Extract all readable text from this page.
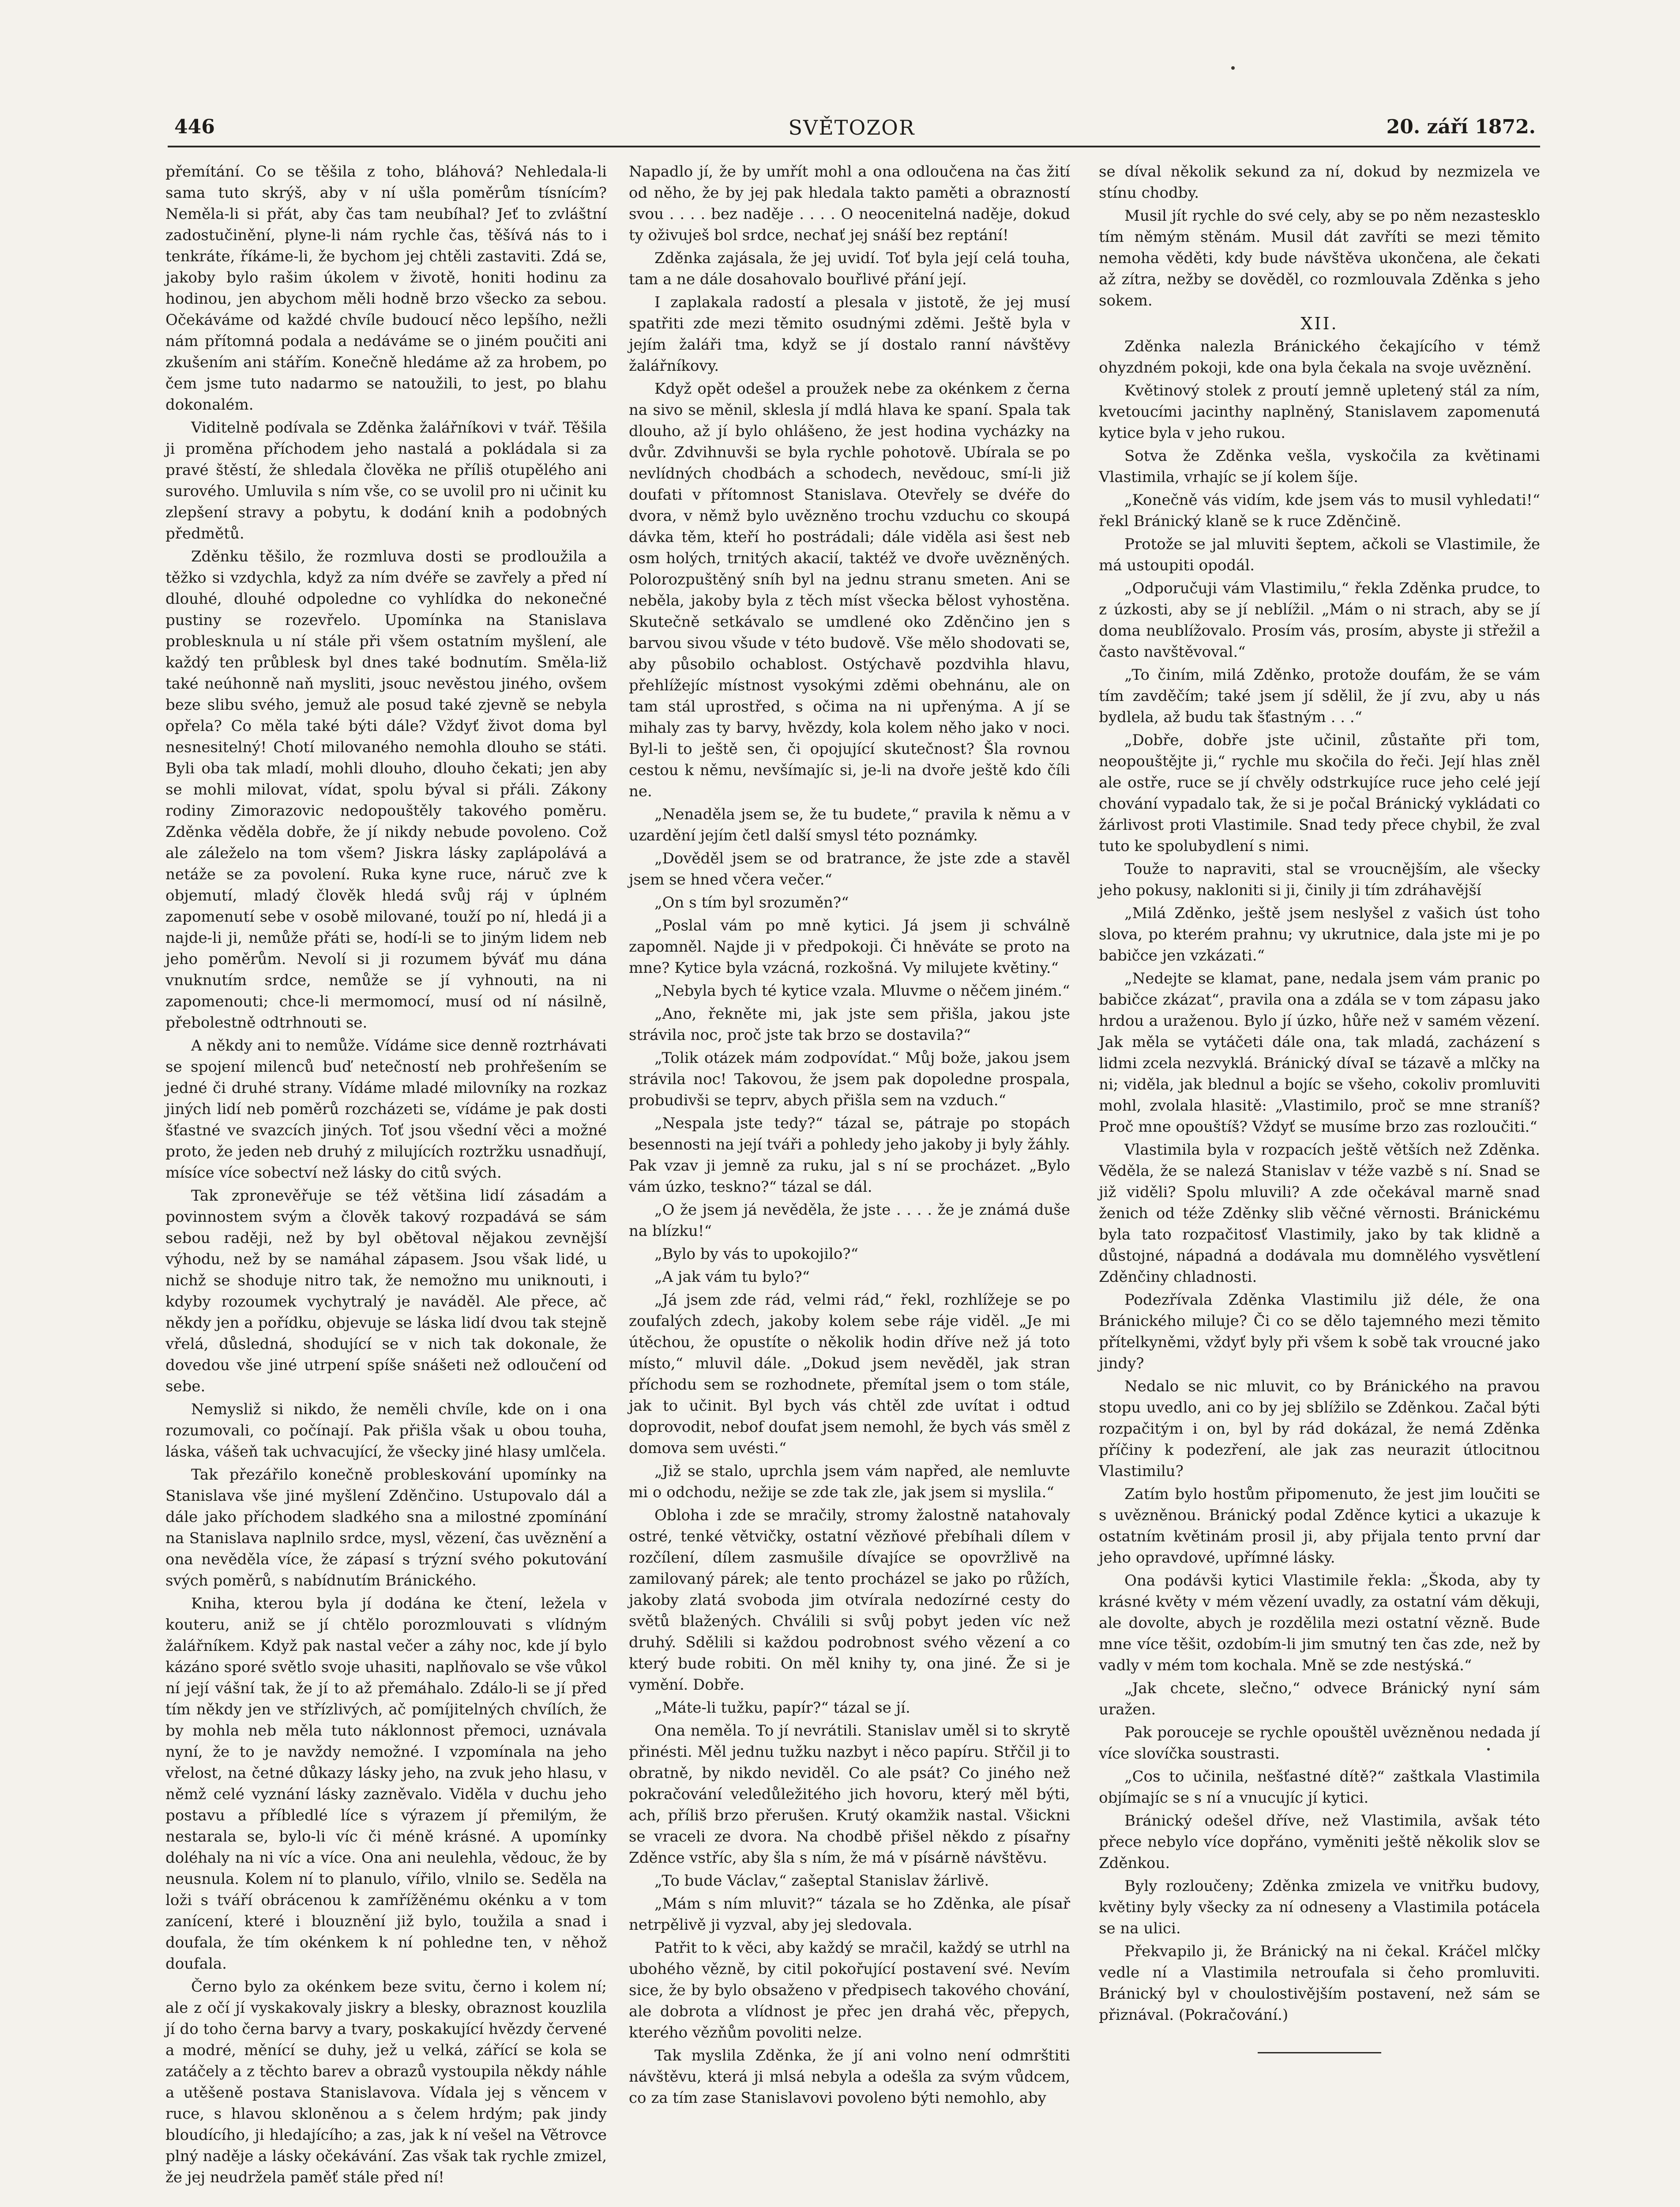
446	SVĚTOZOR	20. září 1872.

přemítání. Co se těšila z toho, bláhová? Nehledala-li sama tuto skrýš, aby v ní ušla poměrům tísnícím? Neměla-li si přát, aby čas tam neubíhal? Jeť to zvláštní zadostučinění, plyne-li nám rychle čas, těšívá nás to i tenkráte, říkáme-li, že bychom jej chtěli zastaviti. Zdá se, jakoby bylo rašim úkolem v životě, honiti hodinu za hodinou, jen abychom měli hodně brzo všecko za sebou. Očekáváme od každé chvíle budoucí něco lepšího, nežli nám přítomná podala a nedáváme se o jiném poučiti ani zkušením ani stářím. Konečně hledáme až za hrobem, po čem jsme tuto nadarmo se natoužili, to jest, po blahu dokonalém.

Viditelně podívala se Zděnka žalářníkovi v tvář. Těšila ji proměna příchodem jeho nastalá a pokládala si za pravé štěstí, že shledala člověka ne příliš otupělého ani surového. Umluvila s ním vše, co se uvolil pro ni učinit ku zlepšení stravy a pobytu, k dodání knih a podobných předmětů.

Zděnku těšilo, že rozmluva dosti se prodloužila a těžko si vzdychla, když za ním dvéře se zavřely a před ní dlouhé, dlouhé odpoledne co vyhlídka do nekonečné pustiny se rozevřelo. Upomínka na Stanislava problesknula u ní stále při všem ostatním myšlení, ale každý ten průblesk byl dnes také bodnutím. Směla-liž také neúhonně naň mysliti, jsouc nevěstou jiného, ovšem beze slibu svého, jemuž ale posud také zjevně se nebyla opřela? Co měla také býti dále? Vždyť život doma byl nesnesitelný! Chotí milovaného nemohla dlouho se státi. Byli oba tak mladí, mohli dlouho, dlouho čekati; jen aby se mohli milovat, vídat, spolu býval si přáli. Zákony rodiny Zimorazovic nedopouštěly takového poměru. Zděnka věděla dobře, že jí nikdy nebude povoleno. Což ale záleželo na tom všem? Jiskra lásky zaplápolává a netáže se za povolení. Ruka kyne ruce, náruč zve k objemutí, mladý člověk hledá svůj ráj v úplném zapomenutí sebe v osobě milované, touží po ní, hledá ji a najde-li ji, nemůže přáti se, hodí-li se to jiným lidem neb jeho poměrům. Nevolí si ji rozumem býváť mu dána vnuknutím srdce, nemůže se jí vyhnouti, na ni zapomenouti; chce-li mermomocí, musí od ní násilně, přebolestně odtrhnouti se.

A někdy ani to nemůže. Vídáme sice denně roztrhávati se spojení milenců buď netečností neb prohřešením se jedné či druhé strany. Vídáme mladé milovníky na rozkaz jiných lidí neb poměrů rozcházeti se, vídáme je pak dosti šťastné ve svazcích jiných. Toť jsou všední věci a možné proto, že jeden neb druhý z milujících roztržku usnadňují, mísíce více sobectví než lásky do citů svých.

Tak zpronevěřuje se též většina lidí zásadám a povinnostem svým a člověk takový rozpadává se sám sebou raději, než by byl obětoval nějakou zevnější výhodu, než by se namáhal zápasem. Jsou však lidé, u nichž se shoduje nitro tak, že nemožno mu uniknouti, i kdyby rozoumek vychytralý je naváděl. Ale přece, ač někdy jen a pořídku, objevuje se láska lidí dvou tak stejně vřelá, důsledná, shodující se v nich tak dokonale, že dovedou vše jiné utrpení spíše snášeti než odloučení od sebe.

Nemysliž si nikdo, že neměli chvíle, kde on i ona rozumovali, co počínají. Pak přišla však u obou touha, láska, vášeň tak uchvacující, že všecky jiné hlasy umlčela.

Tak přezářilo konečně probleskování upomínky na Stanislava vše jiné myšlení Zděnčino. Ustupovalo dál a dále jako příchodem sladkého sna a milostné zpomínání na Stanislava naplnilo srdce, mysl, vězení, čas uvěznění a ona nevěděla více, že zápasí s trýzní svého pokutování svých poměrů, s nabídnutím Bránického.

Kniha, kterou byla jí dodána ke čtení, ležela v kouteru, aniž se jí chtělo porozmlouvati s vlídným žalářníkem. Když pak nastal večer a záhy noc, kde jí bylo kázáno sporé světlo svoje uhasiti, naplňovalo se vše vůkol ní její vášní tak, že jí to až přemáhalo. Zdálo-li se jí před tím někdy jen ve střízlivých, ač pomíjitelných chvílích, že by mohla neb měla tuto náklonnost přemoci, uznávala nyní, že to je navždy nemožné. I vzpomínala na jeho vřelost, na četné důkazy lásky jeho, na zvuk jeho hlasu, v němž celé vyznání lásky zazněvalo. Viděla v duchu jeho postavu a příbledlé líce s výrazem jí přemilým, že nestarala se, bylo-li víc či méně krásné. A upomínky doléhaly na ni víc a více. Ona ani neulehla, vědouc, že by neusnula. Kolem ní to planulo, vířilo, vlnilo se. Seděla na loži s tváří obrácenou k zamřížěnému okénku a v tom zanícení, které i blouznění již bylo, toužila a snad i doufala, že tím okénkem k ní pohledne ten, v něhož doufala.

Černo bylo za okénkem beze svitu, černo i kolem ní; ale z očí jí vyskakovaly jiskry a blesky, obraznost kouzlila jí do toho černa barvy a tvary, poskakující hvězdy červené a modré, měnící se duhy, jež u velká, zářící se kola se zatáčely a z těchto barev a obrazů vystoupila někdy náhle a utěšeně postava Stanislavova. Vídala jej s věncem v ruce, s hlavou skloněnou a s čelem hrdým; pak jindy bloudícího, ji hledajícího; a zas, jak k ní vešel na Větrovce plný naděje a lásky očekávání. Zas však tak rychle zmizel, že jej neudržela paměť stále před ní!

Napadlo jí, že by umřít mohl a ona odloučena na čas žití od něho, že by jej pak hledala takto paměti a obrazností svou . . . . bez naděje . . . . O neocenitelná naděje, dokud ty oživuješ bol srdce, nechať jej snáší bez reptání!

Zděnka zajásala, že jej uvidí. Toť byla její celá touha, tam a ne dále dosahovalo bouřlivé přání její.

I zaplakala radostí a plesala v jistotě, že jej musí spatřiti zde mezi těmito osudnými zděmi. Ještě byla v jejím žaláři tma, když se jí dostalo ranní návštěvy žalářníkovy.

Když opět odešel a proužek nebe za okénkem z černa na sivo se měnil, sklesla jí mdlá hlava ke spaní. Spala tak dlouho, až jí bylo ohlášeno, že jest hodina vycházky na dvůr. Zdvihnuvši se byla rychle pohotově. Ubírala se po nevlídných chodbách a schodech, nevědouc, smí-li již doufati v přítomnost Stanislava. Otevřely se dvéře do dvora, v němž bylo uvězněno trochu vzduchu co skoupá dávka těm, kteří ho postrádali; dále viděla asi šest neb osm holých, trnitých akacií, taktéž ve dvoře uvězněných. Polorozpuštěný sníh byl na jednu stranu smeten. Ani se neběla, jakoby byla z těch míst všecka bělost vyhostěna. Skutečně setkávalo se umdlené oko Zděnčino jen s barvou sivou všude v této budově. Vše mělo shodovati se, aby působilo ochablost. Ostýchavě pozdvihla hlavu, přehlížejíc místnost vysokými zděmi obehnánu, ale on tam stál uprostřed, s očima na ni upřenýma. A jí se mihaly zas ty barvy, hvězdy, kola kolem něho jako v noci. Byl-li to ještě sen, či opojující skutečnost? Šla rovnou cestou k němu, nevšímajíc si, je-li na dvoře ještě kdo číli ne.

„Nenaděla jsem se, že tu budete,“ pravila k němu a v uzardění jejím četl další smysl této poznámky.

„Dověděl jsem se od bratrance, že jste zde a stavěl jsem se hned včera večer.“

„On s tím byl srozuměn?“

„Poslal vám po mně kytici. Já jsem ji schválně zapomněl. Najde ji v předpokoji. Či hněváte se proto na mne? Kytice byla vzácná, rozkošná. Vy milujete květiny.“

„Nebyla bych té kytice vzala. Mluvme o něčem jiném.“

„Ano, řekněte mi, jak jste sem přišla, jakou jste strávila noc, proč jste tak brzo se dostavila?“

„Tolik otázek mám zodpovídat.“ Můj bože, jakou jsem strávila noc! Takovou, že jsem pak dopoledne prospala, probudivši se teprv, abych přišla sem na vzduch.“

„Nespala jste tedy?“ tázal se, pátraje po stopách besennosti na její tváři a pohledy jeho jakoby ji byly žáhly. Pak vzav ji jemně za ruku, jal s ní se procházet. „Bylo vám úzko, teskno?“ tázal se dál.

„O že jsem já nevěděla, že jste . . . . že je známá duše na blízku!“

„Bylo by vás to upokojilo?“

„A jak vám tu bylo?“

„Já jsem zde rád, velmi rád,“ řekl, rozhlížeje se po zoufalých zdech, jakoby kolem sebe ráje viděl. „Je mi útěchou, že opustíte o několik hodin dříve než já toto místo,“ mluvil dále. „Dokud jsem nevěděl, jak stran příchodu sem se rozhodnete, přemítal jsem o tom stále, jak to učinit. Byl bych vás chtěl zde uvítat i odtud doprovodit, nebof doufat jsem nemohl, že bych vás směl z domova sem uvésti.“

„Již se stalo, uprchla jsem vám napřed, ale nemluvte mi o odchodu, nežije se zde tak zle, jak jsem si myslila.“

Obloha i zde se mračily, stromy žalostně natahovaly ostré, tenké větvičky, ostatní vězňové přebíhali dílem v rozčílení, dílem zasmušile dívajíce se opovržlivě na zamilovaný párek; ale tento procházel se jako po růžích, jakoby zlatá svoboda jim otvírala nedozírné cesty do světů blažených. Chválili si svůj pobyt jeden víc než druhý. Sdělili si každou podrobnost svého vězení a co který bude robiti. On měl knihy ty, ona jiné. Že si je vymění. Dobře.

„Máte-li tužku, papír?“ tázal se jí.

Ona neměla. To jí nevrátili. Stanislav uměl si to skrytě přinésti. Měl jednu tužku nazbyt i něco papíru. Střčil ji to obratně, by nikdo neviděl. Co ale psát? Co jiného než pokračování veledůležitého jich hovoru, který měl býti, ach, příliš brzo přerušen. Krutý okamžik nastal. Všickni se vraceli ze dvora. Na chodbě přišel někdo z písařny Zděnce vstříc, aby šla s ním, že má v písárně návštěvu.

„To bude Václav,“ zašeptal Stanislav žárlivě.

„Mám s ním mluvit?“ tázala se ho Zděnka, ale písař netrpělivě ji vyzval, aby jej sledovala.

Patřit to k věci, aby každý se mračil, každý se utrhl na ubohého vězně, by citil pokořující postavení své. Nevím sice, že by bylo obsaženo v předpisech takového chování, ale dobrota a vlídnost je přec jen drahá věc, přepych, kterého vězňům povoliti nelze.

Tak myslila Zděnka, že jí ani volno není odmrštiti návštěvu, která ji mlsá nebyla a odešla za svým vůdcem, co za tím zase Stanislavovi povoleno býti nemohlo, aby

se díval několik sekund za ní, dokud by nezmizela ve stínu chodby.

Musil jít rychle do své cely, aby se po něm nezastesklo tím němým stěnám. Musil dát zavříti se mezi těmito nemoha věděti, kdy bude návštěva ukončena, ale čekati až zítra, nežby se dověděl, co rozmlouvala Zděnka s jeho sokem.

XII.

Zděnka nalezla Bránického čekajícího v témž ohyzdném pokoji, kde ona byla čekala na svoje uvěznění.

Květinový stolek z proutí jemně upletený stál za ním, kvetoucími jacinthy naplněný, Stanislavem zapomenutá kytice byla v jeho rukou.

Sotva že Zděnka vešla, vyskočila za květinami Vlastimila, vrhajíc se jí kolem šíje.

„Konečně vás vidím, kde jsem vás to musil vyhledati!“ řekl Bránický klaně se k ruce Zděnčině.

Protože se jal mluviti šeptem, ačkoli se Vlastimile, že má ustoupiti opodál.

„Odporučuji vám Vlastimilu,“ řekla Zděnka prudce, to z úzkosti, aby se jí neblížil. „Mám o ni strach, aby se jí doma neublížovalo. Prosím vás, prosím, abyste ji střežil a často navštěvoval.“

„To činím, milá Zděnko, protože doufám, že se vám tím zavděčím; také jsem jí sdělil, že jí zvu, aby u nás bydlela, až budu tak šťastným . . .“

„Dobře, dobře jste učinil, zůstaňte při tom, neopouštějte ji,“ rychle mu skočila do řeči. Její hlas zněl ale ostře, ruce se jí chvěly odstrkujíce ruce jeho celé její chování vypadalo tak, že si je počal Bránický vykládati co žárlivost proti Vlastimile. Snad tedy přece chybil, že zval tuto ke spolubydlení s nimi.

Touže to napraviti, stal se vroucnějším, ale všecky jeho pokusy, nakloniti si ji, činily ji tím zdráhavější

„Milá Zděnko, ještě jsem neslyšel z vašich úst toho slova, po kterém prahnu; vy ukrutnice, dala jste mi je po babičce jen vzkázati.“

„Nedejte se klamat, pane, nedala jsem vám pranic po babičce zkázat“, pravila ona a zdála se v tom zápasu jako hrdou a uraženou. Bylo jí úzko, hůře než v samém vězení. Jak měla se vytáčeti dále ona, tak mladá, zacházení s lidmi zcela nezvyklá. Bránický dívaI se tázavě a mlčky na ni; viděla, jak blednul a bojíc se všeho, cokoliv promluviti mohl, zvolala hlasitě: „Vlastimilo, proč se mne straníš? Proč mne opouštíš? Vždyť se musíme brzo zas rozloučiti.“

Vlastimila byla v rozpacích ještě větších než Zděnka. Věděla, že se nalezá Stanislav v téže vazbě s ní. Snad se již viděli? Spolu mluvili? A zde očekával marně snad ženich od téže Zděnky slib věčné věrnosti. Bránickému byla tato rozpačitosť Vlastimily, jako by tak klidně a důstojné, nápadná a dodávala mu domnělého vysvětlení Zděnčiny chladnosti.

Podezřívala Zděnka Vlastimilu již déle, že ona Bránického miluje? Či co se dělo tajemného mezi těmito přítelkyněmi, vždyť byly při všem k sobě tak vroucné jako jindy?

Nedalo se nic mluvit, co by Bránického na pravou stopu uvedlo, ani co by jej sblížilo se Zděnkou. Začal býti rozpačitým i on, byl by rád dokázal, že nemá Zděnka příčiny k podezření, ale jak zas neurazit útlocitnou Vlastimilu?

Zatím bylo hostům připomenuto, že jest jim loučiti se s uvězněnou. Bránický podal Zděnce kytici a ukazuje k ostatním květinám prosil ji, aby přijala tento první dar jeho opravdové, upřímné lásky.

Ona podávši kytici Vlastimile řekla: „Škoda, aby ty krásné květy v mém vězení uvadly, za ostatní vám děkuji, ale dovolte, abych je rozdělila mezi ostatní vězně. Bude mne více těšit, ozdobím-li jim smutný ten čas zde, než by vadly v mém tom kochala. Mně se zde nestýská.“

„Jak chcete, slečno,“ odvece Bránický nyní sám uražen.

Pak porouceje se rychle opouštěl uvězněnou nedada jí více slovíčka soustrasti.

„Cos to učinila, nešťastné dítě?“ zaštkala Vlastimila objímajíc se s ní a vnucujíc jí kytici.

Bránický odešel dříve, než Vlastimila, avšak této přece nebylo více dopřáno, vyměniti ještě několik slov se Zděnkou.

Byly rozloučeny; Zděnka zmizela ve vnitřku budovy, květiny byly všecky za ní odneseny a Vlastimila potácela se na ulici.

Překvapilo ji, že Bránický na ni čekal. Kráčel mlčky vedle ní a Vlastimila netroufala si čeho promluviti. Bránický byl v choulostivějším postavení, než sám se přiznával. (Pokračování.)
